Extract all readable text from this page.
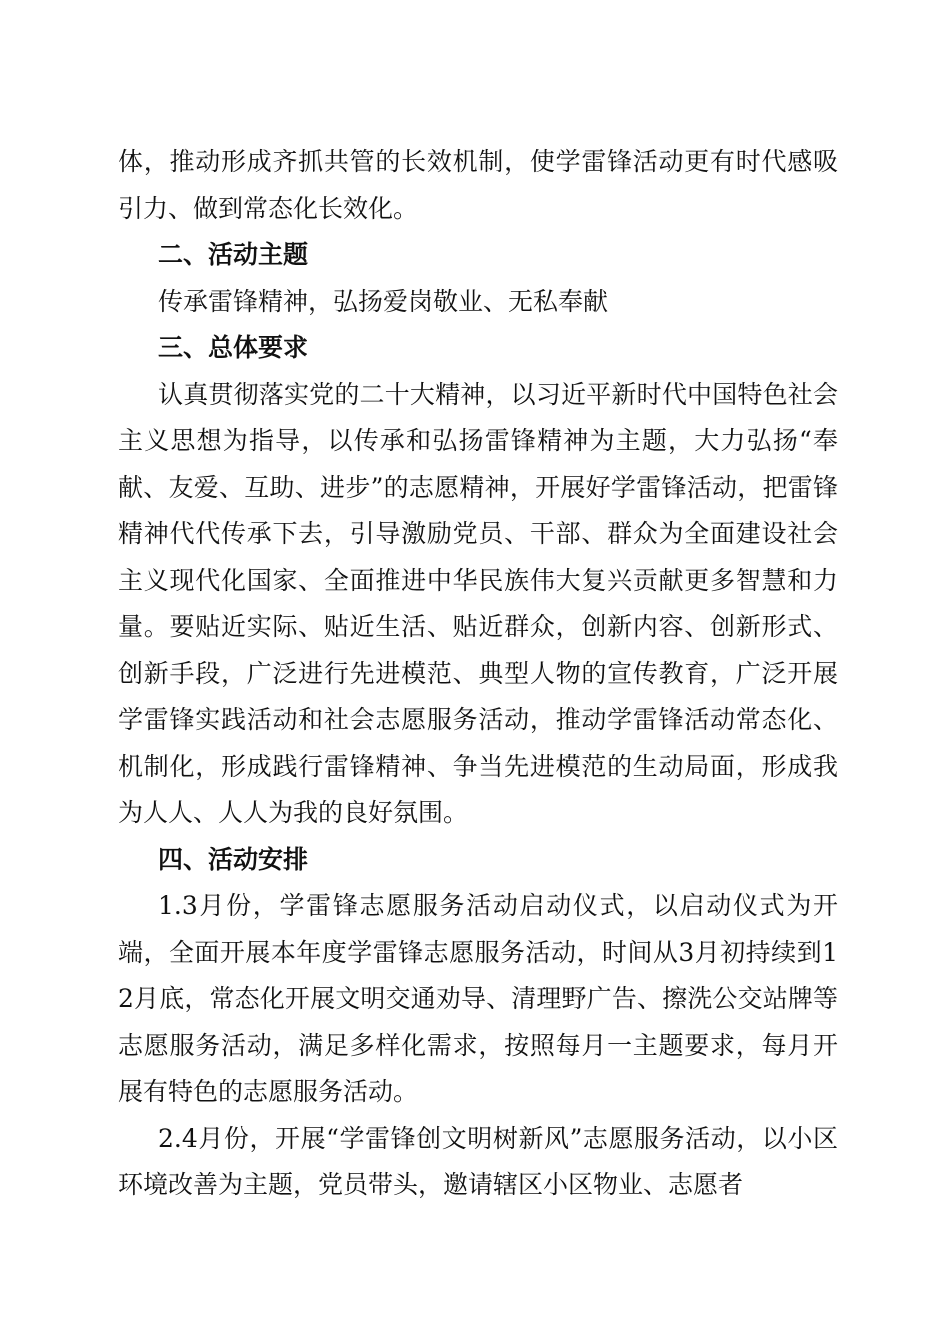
体，推动形成齐抓共管的长效机制，使学雷锋活动更有时代感吸引力、做到常态化长效化。

二、活动主题

传承雷锋精神，弘扬爱岗敬业、无私奉献

三、总体要求

认真贯彻落实党的二十大精神，以习近平新时代中国特色社会主义思想为指导，以传承和弘扬雷锋精神为主题，大力弘扬“奉献、友爱、互助、进步”的志愿精神，开展好学雷锋活动，把雷锋精神代代传承下去，引导激励党员、干部、群众为全面建设社会主义现代化国家、全面推进中华民族伟大复兴贡献更多智慧和力量。要贴近实际、贴近生活、贴近群众，创新内容、创新形式、创新手段，广泛进行先进模范、典型人物的宣传教育，广泛开展学雷锋实践活动和社会志愿服务活动，推动学雷锋活动常态化、机制化，形成践行雷锋精神、争当先进模范的生动局面，形成我为人人、人人为我的良好氛围。

四、活动安排

1.3月份，学雷锋志愿服务活动启动仪式，以启动仪式为开端，全面开展本年度学雷锋志愿服务活动，时间从3月初持续到12月底，常态化开展文明交通劝导、清理野广告、擦洗公交站牌等志愿服务活动，满足多样化需求，按照每月一主题要求，每月开展有特色的志愿服务活动。

2.4月份，开展“学雷锋创文明树新风”志愿服务活动，以小区环境改善为主题，党员带头，邀请辖区小区物业、志愿者
